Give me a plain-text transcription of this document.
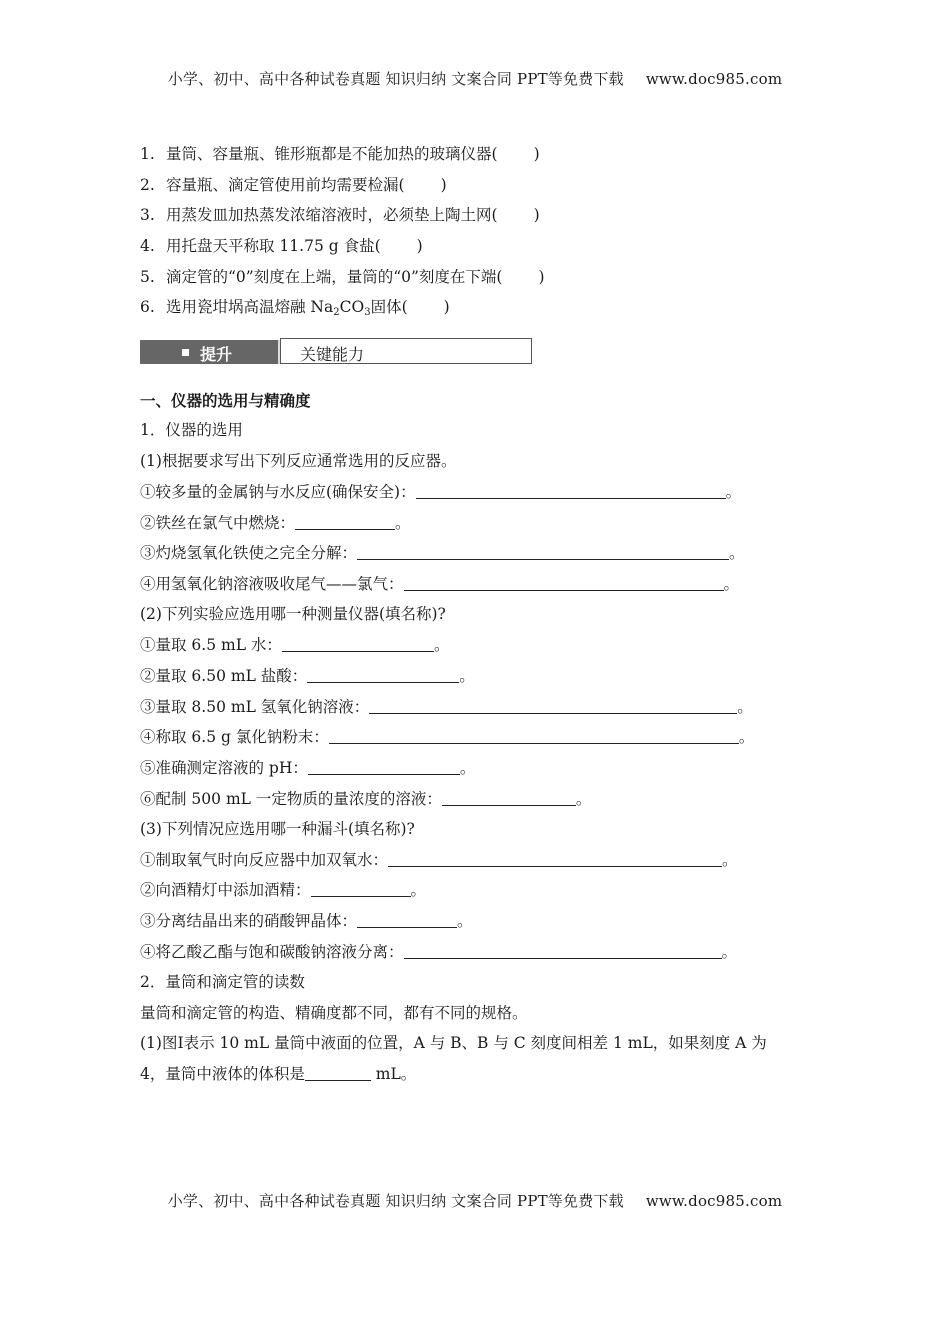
小学、初中、高中各种试卷真题 知识归纳 文案合同 PPT等免费下载 www.doc985.com
1. 量筒、容量瓶、锥形瓶都是不能加热的玻璃仪器( )
2. 容量瓶、滴定管使用前均需要检漏( )
3. 用蒸发皿加热蒸发浓缩溶液时，必须垫上陶土网( )
4. 用托盘天平称取 11.75 g 食盐( )
5. 滴定管的“0”刻度在上端，量筒的“0”刻度在下端( )
6. 选用瓷坩埚高温熔融 $Na_2CO_3$固体( )
提升	关键能力
一、仪器的选用与精确度
1．仪器的选用
(1)根据要求写出下列反应通常选用的反应器。
①较多量的金属钠与水反应(确保安全)：	。
②铁丝在氯气中燃烧：	。
③灼烧氢氧化铁使之完全分解：	。
④用氢氧化钠溶液吸收尾气——氯气：	。
(2)下列实验应选用哪一种测量仪器(填名称)?
①量取 6.5 mL 水：	。
②量取 6.50 mL 盐酸：	。
③量取 8.50 mL 氢氧化钠溶液：	。
④称取 6.5 g 氯化钠粉末：	。
⑤准确测定溶液的 pH：	。
⑥配制 500 mL 一定物质的量浓度的溶液：	。
(3)下列情况应选用哪一种漏斗(填名称)?
①制取氧气时向反应器中加双氧水：	。
②向酒精灯中添加酒精：	。
③分离结晶出来的硝酸钾晶体：	。
④将乙酸乙酯与饱和碳酸钠溶液分离：	。
2．量筒和滴定管的读数
量筒和滴定管的构造、精确度都不同，都有不同的规格。
(1)图Ⅰ表示 10 mL 量筒中液面的位置，A 与 B、B 与 C 刻度间相差 1 mL，如果刻度 A 为
4，量筒中液体的体积是	mL。
小学、初中、高中各种试卷真题 知识归纳 文案合同 PPT等免费下载 www.doc985.com
